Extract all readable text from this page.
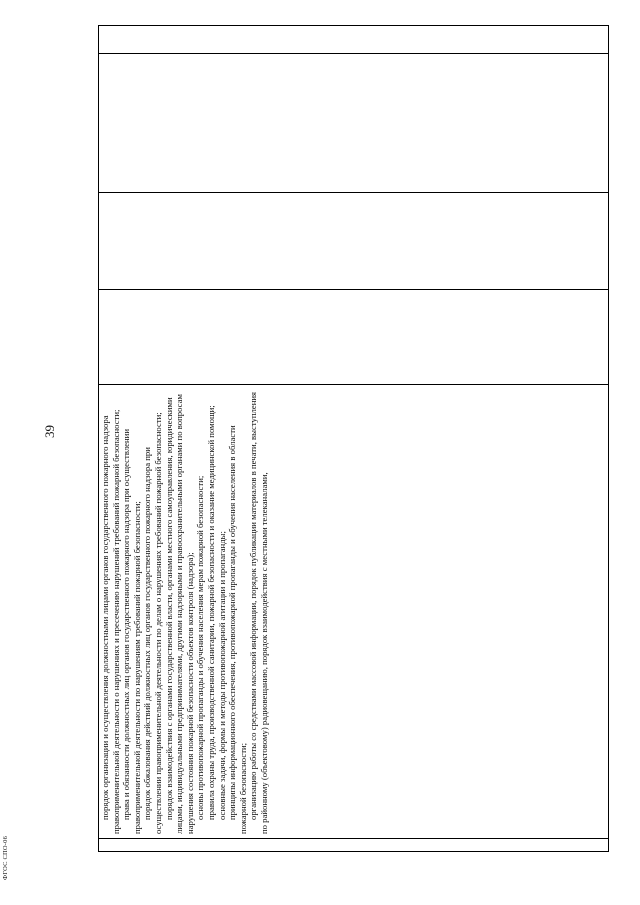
39
ФГОС СПО-06

порядок организации и осуществления должностными лицами органов государственного пожарного надзора правоприменительной деятельности о нарушениях и пресечению нарушений требований пожарной безопасности; права и обязанности должностных лиц органов государственного пожарного надзора при осуществлении правоприменительной деятельности по нарушениям требований пожарной безопасности; порядок обжалования действий должностных лиц органов государственного пожарного надзора при осуществлении правоприменительной деятельности по делам о нарушениях требований пожарной безопасности; порядок взаимодействия с органами государственной власти, органами местного самоуправления, юридическими лицами, индивидуальными предпринимателями, другими надзорными и правоохранительными органами по вопросам нарушения состояния пожарной безопасности объектов контроля (надзора); основы противопожарной пропаганды и обучения населения мерам пожарной безопасности; правила охраны труда, производственной санитарии, пожарной безопасности и оказание медицинской помощи; основные задачи, формы и методы противопожарной агитации и пропаганды; принципы информационного обеспечения, противопожарной пропаганды и обучения населения в области пожарной безопасности; организацию работы со средствами массовой информации, порядок публикации материалов в печати, выступления по районному (объектовому) радиовещанию, порядок взаимодействия с местными телеканалами,
